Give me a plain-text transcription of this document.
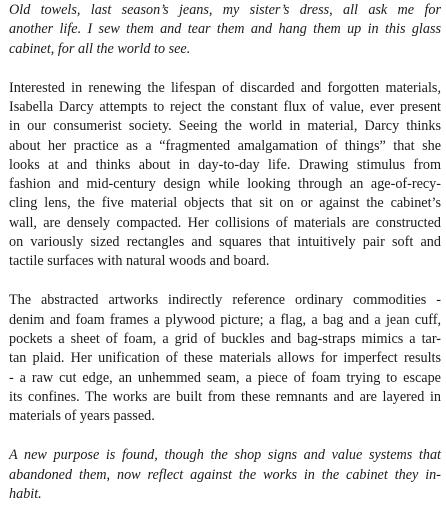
Old towels, last season’s jeans, my sister’s dress, all ask me for
another life. I sew them and tear them and hang them up in this glass
cabinet, for all the world to see.
Interested in renewing the lifespan of discarded and forgotten materials,
Isabella Darcy attempts to reject the constant flux of value, ever present
in our consumerist society. Seeing the world in material, Darcy thinks
about her practice as a “fragmented amalgamation of things” that she
looks at and thinks about in day-to-day life. Drawing stimulus from
fashion and mid-century design while looking through an age-of-recy-
cling lens, the five material objects that sit on or against the cabinet’s
wall, are densely compacted. Her collisions of materials are constructed
on variously sized rectangles and squares that intuitively pair soft and
tactile surfaces with natural woods and board.
The abstracted artworks indirectly reference ordinary commodities -
denim and foam frames a plywood picture; a flag, a bag and a jean cuff,
pockets a sheet of foam, a grid of buckles and bag-straps mimics a tar-
tan plaid. Her unification of these materials allows for imperfect results
- a raw cut edge, an unhemmed seam, a piece of foam trying to escape
its confines. The works are built from these remnants and are layered in
materials of years passed.
A new purpose is found, though the shop signs and value systems that
abandoned them, now reflect against the works in the cabinet they in-
habit.
